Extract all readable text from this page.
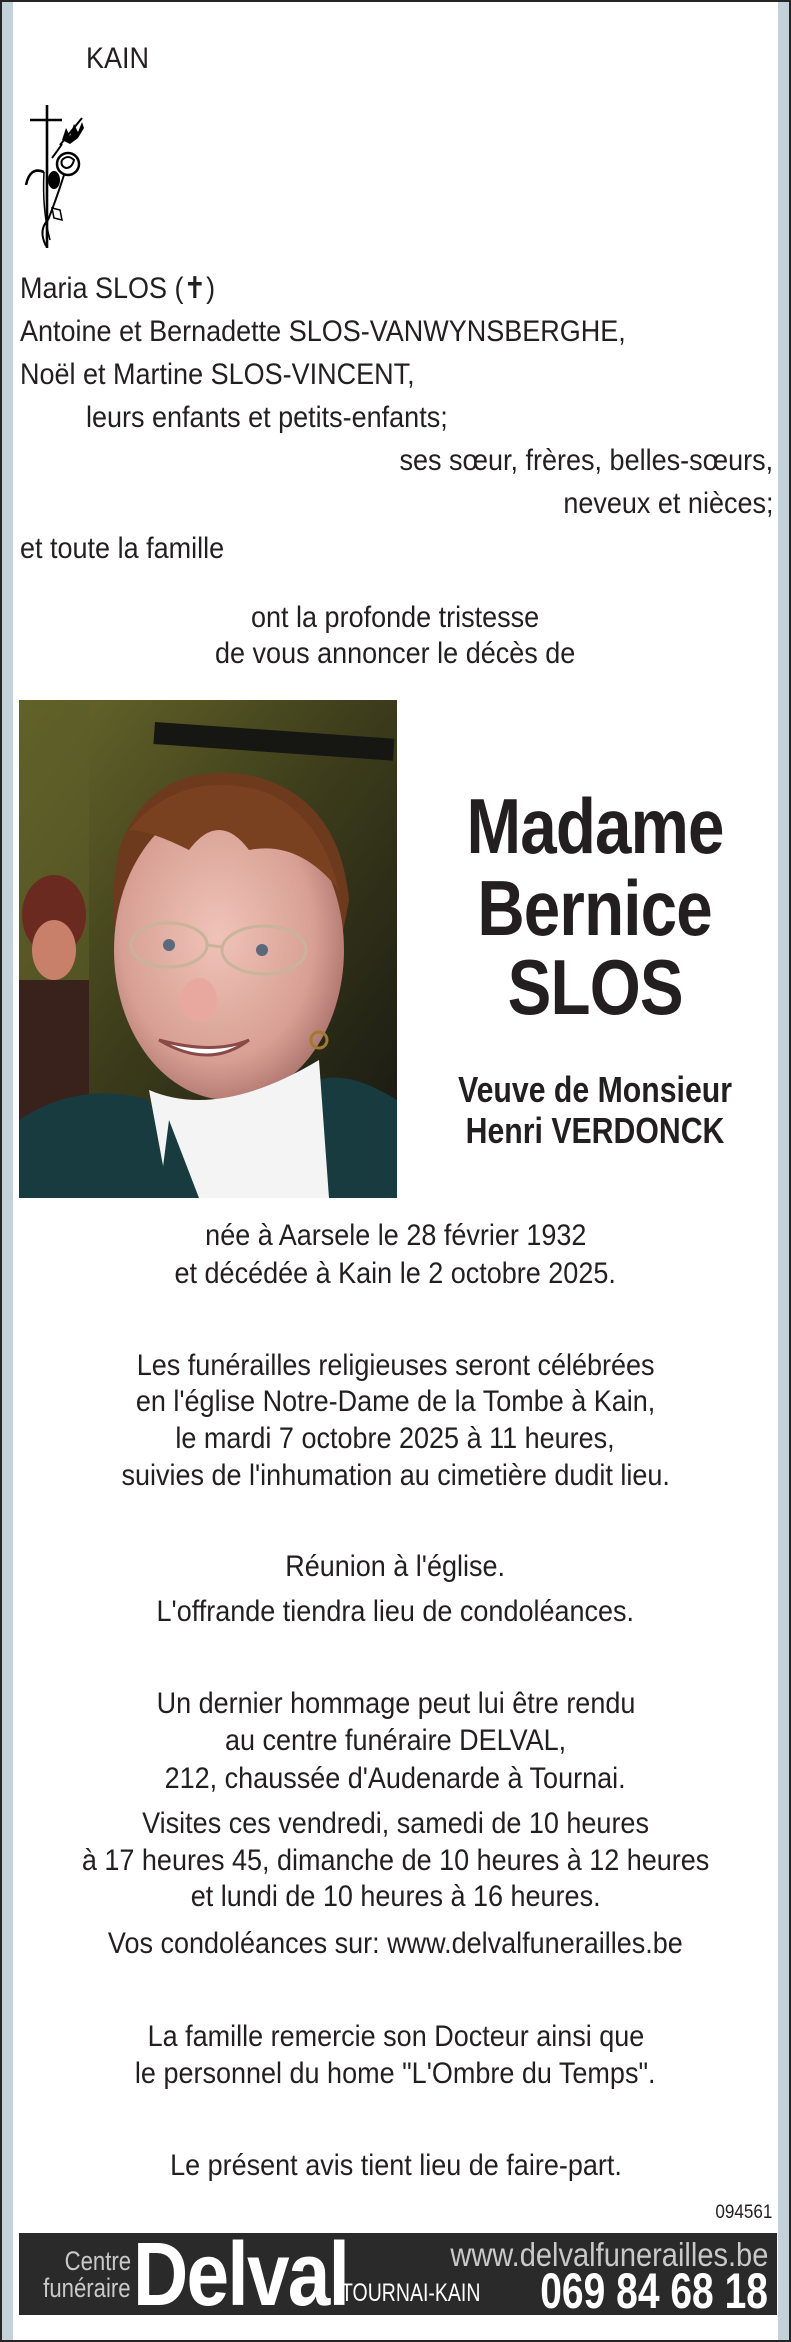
KAIN
Maria SLOS (✝)
Antoine et Bernadette SLOS-VANWYNSBERGHE,
Noël et Martine SLOS-VINCENT,
leurs enfants et petits-enfants;
ses sœur, frères, belles-sœurs,
neveux et nièces;
et toute la famille
ont la profonde tristesse
de vous annoncer le décès de
Madame
Bernice
SLOS
Veuve de Monsieur
Henri VERDONCK
née à Aarsele le 28 février 1932
et décédée à Kain le 2 octobre 2025.
Les funérailles religieuses seront célébrées
en l'église Notre-Dame de la Tombe à Kain,
le mardi 7 octobre 2025 à 11 heures,
suivies de l'inhumation au cimetière dudit lieu.
Réunion à l'église.
L'offrande tiendra lieu de condoléances.
Un dernier hommage peut lui être rendu
au centre funéraire DELVAL,
212, chaussée d'Audenarde à Tournai.
Visites ces vendredi, samedi de 10 heures
à 17 heures 45, dimanche de 10 heures à 12 heures
et lundi de 10 heures à 16 heures.
Vos condoléances sur: www.delvalfunerailles.be
La famille remercie son Docteur ainsi que
le personnel du home "L'Ombre du Temps".
Le présent avis tient lieu de faire-part.
094561
Centre
funéraire Delval	www.delvalfunerailles.be
TOURNAI-KAIN	069 84 68 18
